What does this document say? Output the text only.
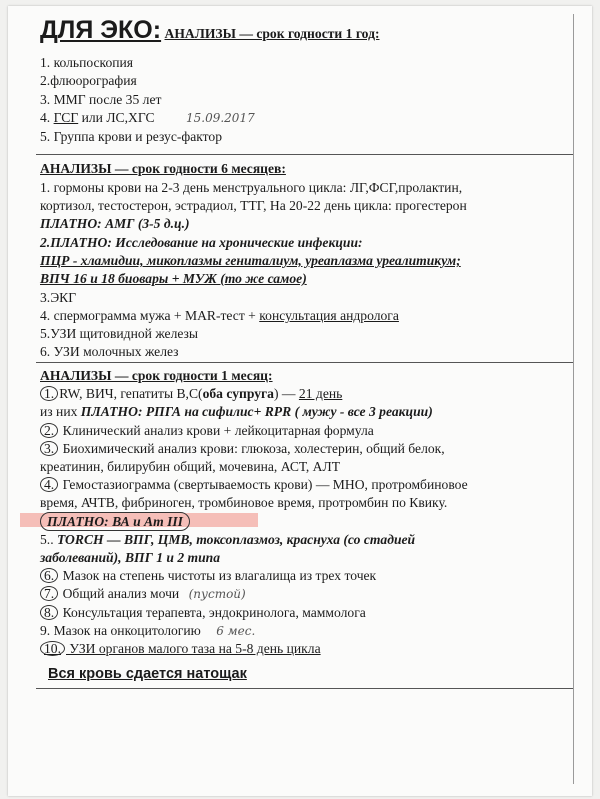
ДЛЯ ЭКО: АНАЛИЗЫ — срок годности 1 год:
1. кольпоскопия
2.флюорография
3. ММГ после 35 лет
4. ГСГ или ЛС,ХГС	15.09.2017
5. Группа крови и резус-фактор
АНАЛИЗЫ — срок годности 6 месяцев:
1. гормоны крови на 2-3 день менструального цикла: ЛГ,ФСГ,пролактин,
кортизол, тестостерон, эстрадиол, ТТГ, На 20-22 день цикла: прогестерон
ПЛАТНО: АМГ (3-5 д.ц.)
2.ПЛАТНО: Исследование на хронические инфекции:
ПЦР - хламидии, микоплазмы гениталиум, уреаплазма уреалитикум;
ВПЧ 16 и 18 биовары + МУЖ (то же самое)
3.ЭКГ
4. спермограмма мужа + MAR-тест + консультация андролога
5.УЗИ щитовидной железы
6. УЗИ молочных желез
АНАЛИЗЫ — срок годности 1 месяц:
1. RW, ВИЧ, гепатиты В,С(оба супруга) — 21 день
из них ПЛАТНО: РПГА на сифилис+ RPR ( мужу - все 3 реакции)
2. Клинический анализ крови + лейкоцитарная формула
3. Биохимический анализ крови: глюкоза, холестерин, общий белок,
креатинин, билирубин общий, мочевина, АСТ, АЛТ
4. Гемостазиограмма (свертываемость крови) — МНО, протромбиновое
время, АЧТВ, фибриноген, тромбиновое время, протромбин по Квику.
ПЛАТНО: ВА и Ат III
5.. TORCH — ВПГ, ЦМВ, токсоплазмоз, краснуха (со стадией
заболеваний), ВПГ 1 и 2 типа
6. Мазок на степень чистоты из влагалища из трех точек
7. Общий анализ мочи (пустой)
8. Консультация терапевта, эндокринолога, маммолога
9. Мазок на онкоцитологию 6 мес.
10. УЗИ органов малого таза на 5-8 день цикла
Вся кровь сдается натощак
